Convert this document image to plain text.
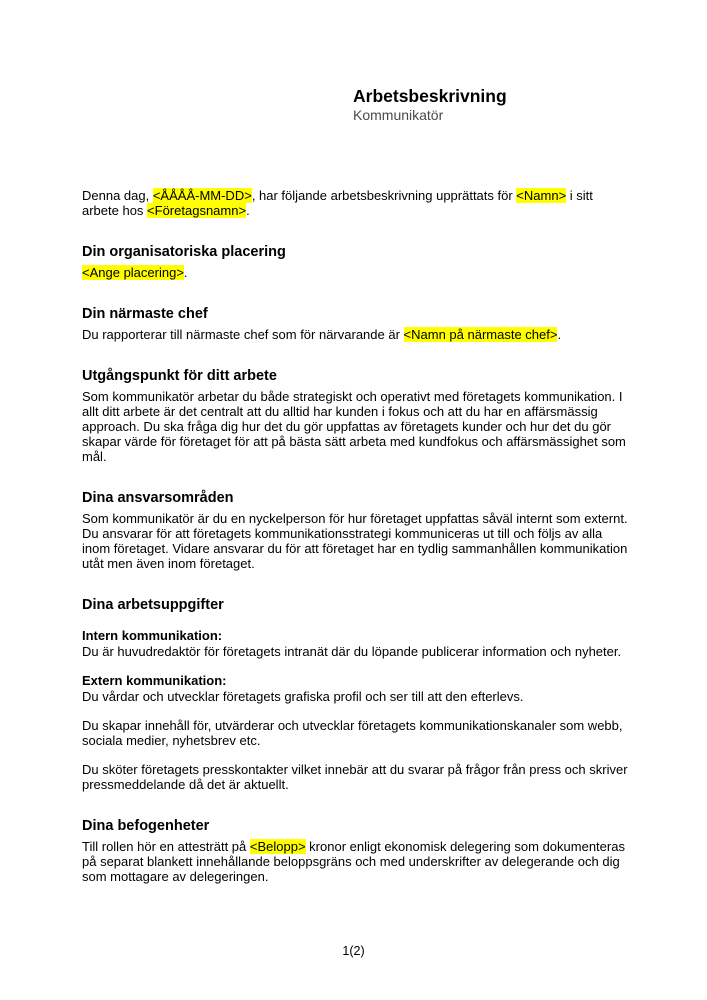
Arbetsbeskrivning
Kommunikatör
Denna dag, <ÅÅÅÅ-MM-DD>, har följande arbetsbeskrivning upprättats för <Namn> i sitt arbete hos <Företagsnamn>.
Din organisatoriska placering
<Ange placering>.
Din närmaste chef
Du rapporterar till närmaste chef som för närvarande är <Namn på närmaste chef>.
Utgångspunkt för ditt arbete
Som kommunikatör arbetar du både strategiskt och operativt med företagets kommunikation. I allt ditt arbete är det centralt att du alltid har kunden i fokus och att du har en affärsmässig approach. Du ska fråga dig hur det du gör uppfattas av företagets kunder och hur det du gör skapar värde för företaget för att på bästa sätt arbeta med kundfokus och affärsmässighet som mål.
Dina ansvarsområden
Som kommunikatör är du en nyckelperson för hur företaget uppfattas såväl internt som externt. Du ansvarar för att företagets kommunikationsstrategi kommuniceras ut till och följs av alla inom företaget. Vidare ansvarar du för att företaget har en tydlig sammanhållen kommunikation utåt men även inom företaget.
Dina arbetsuppgifter
Intern kommunikation:
Du är huvudredaktör för företagets intranät där du löpande publicerar information och nyheter.
Extern kommunikation:
Du vårdar och utvecklar företagets grafiska profil och ser till att den efterlevs.
Du skapar innehåll för, utvärderar och utvecklar företagets kommunikationskanaler som webb, sociala medier, nyhetsbrev etc.
Du sköter företagets presskontakter vilket innebär att du svarar på frågor från press och skriver pressmeddelande då det är aktuellt.
Dina befogenheter
Till rollen hör en attesträtt på <Belopp> kronor enligt ekonomisk delegering som dokumenteras på separat blankett innehållande beloppsgräns och med underskrifter av delegerande och dig som mottagare av delegeringen.
1(2)
